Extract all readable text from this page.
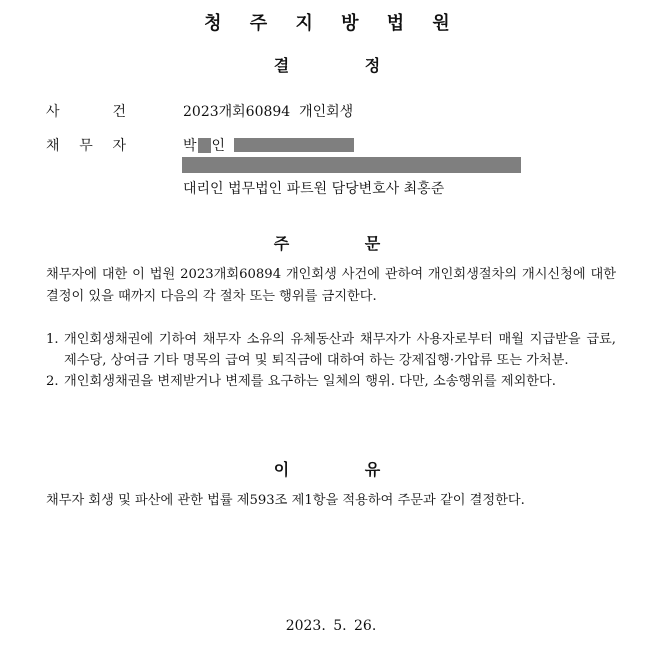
청 주 지 방 법 원
결 정
사	건	2023개회60894  개인회생
채 무 자	박 인
대리인 법무법인 파트원 담당변호사 최홍준
주 문
채무자에 대한 이 법원 2023개회60894 개인회생 사건에 관하여 개인회생절차의 개시신청에 대한 결정이 있을 때까지 다음의 각 절차 또는 행위를 금지한다.
1. 개인회생채권에 기하여 채무자 소유의 유체동산과 채무자가 사용자로부터 매월 지급받을 급료, 제수당, 상여금 기타 명목의 급여 및 퇴직금에 대하여 하는 강제집행·가압류 또는 가처분.
2. 개인회생채권을 변제받거나 변제를 요구하는 일체의 행위. 다만, 소송행위를 제외한다.
이 유
채무자 회생 및 파산에 관한 법률 제593조 제1항을 적용하여 주문과 같이 결정한다.
2023. 5. 26.
